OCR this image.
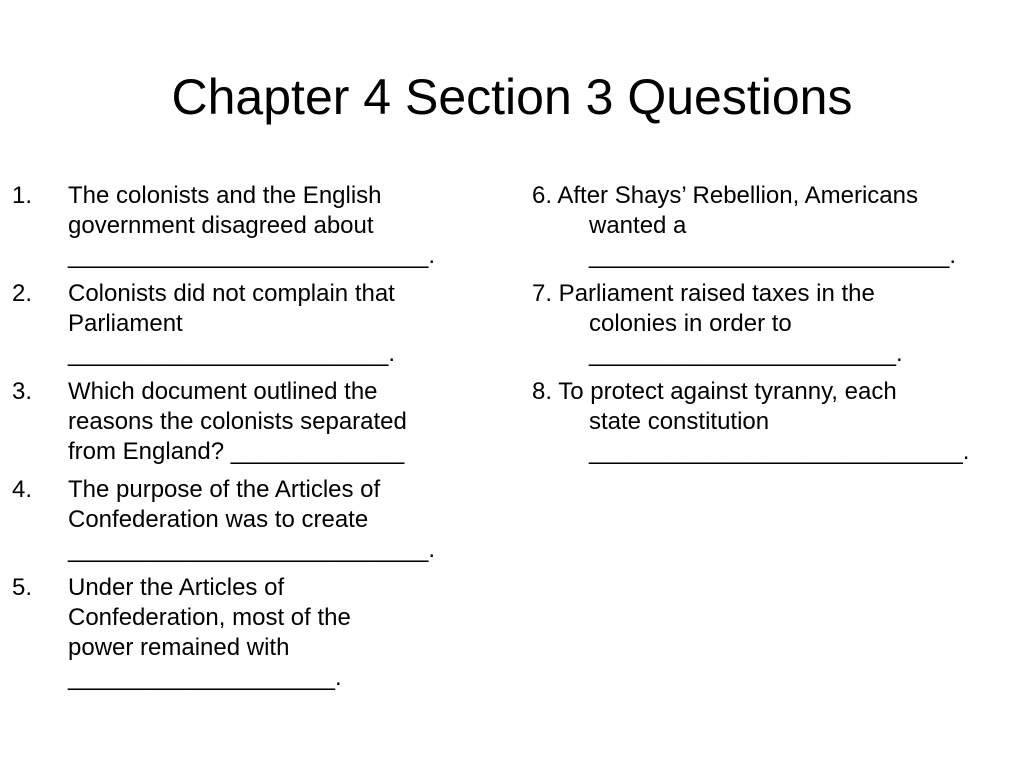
Chapter 4 Section 3 Questions
1. The colonists and the English
government disagreed about
___________________________.
2. Colonists did not complain that
Parliament
________________________.
3. Which document outlined the
reasons the colonists separated
from England? _____________
4. The purpose of the Articles of
Confederation was to create
___________________________.
5. Under the Articles of
Confederation, most of the
power remained with
____________________.
6. After Shays’ Rebellion, Americans
wanted a
___________________________.
7. Parliament raised taxes in the
colonies in order to
_______________________.
8. To protect against tyranny, each
state constitution
____________________________.
